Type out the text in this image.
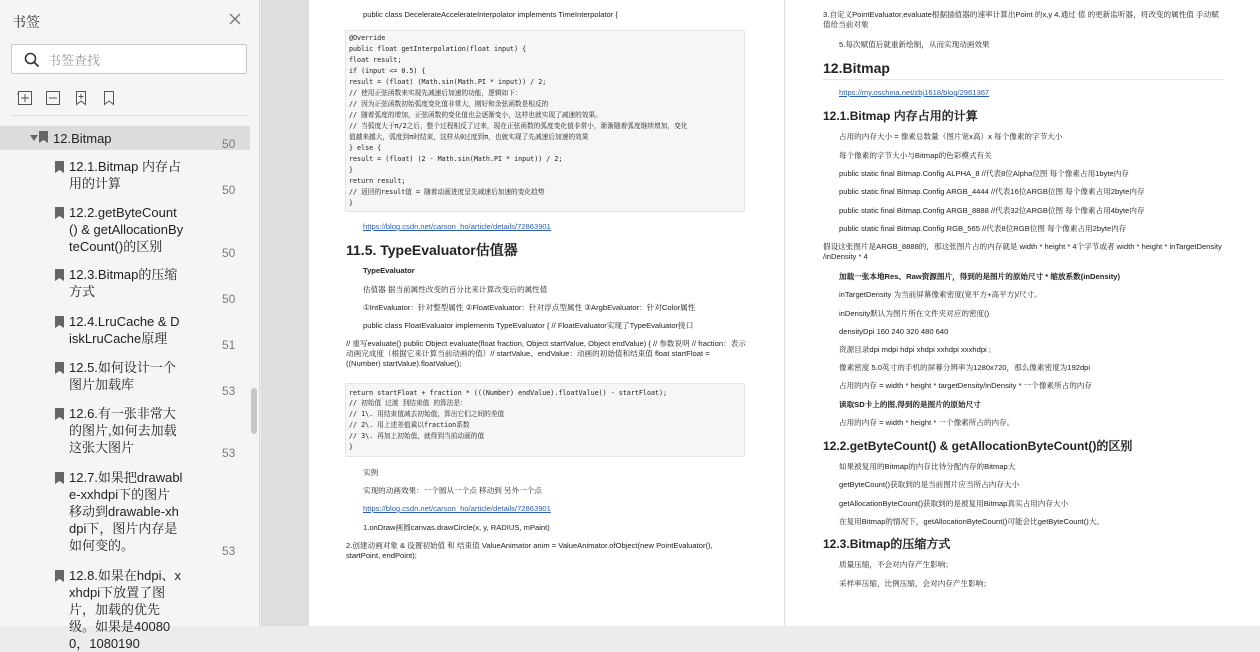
书签
书签查找
12.Bitmap	50
12.1.Bitmap 内存占用的计算	50
12.2.getByteCount() & getAllocationByteCount()的区别	50
12.3.Bitmap的压缩方式	50
12.4.LruCache & DiskLruCache原理	51
12.5.如何设计一个图片加载库	53
12.6.有一张非常大的图片,如何去加载这张大图片	53
12.7.如果把drawable-xxhdpi下的图片移动到drawable-xhdpi下，图片内存是如何变的。	53
12.8.如果在hdpi、xxhdpi下放置了图片，加载的优先级。如果是400800，1080190
public class DecelerateAccelerateInterpolator implements TimeInterpolator {
@Override
public float getInterpolation(float input) {
float result;
if (input <= 0.5) {
result = (float) (Math.sin(Math.PI * input)) / 2;
// 使用正弦函数来实现先减速后加速的功能，逻辑如下：
// 因为正弦函数初始弧度变化值非常大，刚好和余弦函数是相反的
// 随着弧度的增加，正弦函数的变化值也会逐渐变小，这样也就实现了减速的效果。
// 当弧度大于π/2之后，整个过程相反了过来，现在正弦函数的弧度变化值非常小，渐渐随着弧度继续增加，变化
值越来越大，弧度到π时结束，这样从0过度到π，也就实现了先减速后加速的效果
} else {
result = (float) (2 - Math.sin(Math.PI * input)) / 2;
}
return result;
// 返回的result值 = 随着动画进度呈先减速后加速的变化趋势
}
https://blog.csdn.net/carson_ho/article/details/72863901
11.5. TypeEvaluator估值器
TypeEvaluator
估值器 据当前属性改变的百分比来计算改变后的属性值
①IntEvaluator：针对整型属性 ②FloatEvaluator：针对浮点型属性 ③ArgbEvaluator：针对Color属性
public class FloatEvaluator implements TypeEvaluator { // FloatEvaluator实现了TypeEvaluator接口
// 重写evaluate() public Object evaluate(float fraction, Object startValue, Object endValue) { // 参数说明 // fraction：表示动画完成度（根据它来计算当前动画的值）// startValue、endValue：动画的初始值和结束值 float startFloat = ((Number) startValue).floatValue();
return startFloat + fraction * (((Number) endValue).floatValue() - startFloat);
// 初始值 过渡 到结束值 的算法是：
// 1\. 用结束值减去初始值，算出它们之间的差值
// 2\. 用上述差值乘以fraction系数
// 3\. 再加上初始值，就得到当前动画的值
}
实例
实现的动画效果：一个圆从一个点 移动到 另外一个点
https://blog.csdn.net/carson_ho/article/details/72863901
1.onDraw画圆canvas.drawCircle(x, y, RADIUS, mPaint)
2.创建动画对象 & 设置初始值 和 结束值 ValueAnimator anim = ValueAnimator.ofObject(new PointEvaluator(), startPoint, endPoint);
3.自定义PointEvaluator,evaluate根据插值器的速率计算出Point 的x,y 4.通过 值 的更新监听器，将改变的属性值 手动赋值给当前对象
5.每次赋值后就重新绘制，从而实现动画效果
12.Bitmap
https://my.oschina.net/zbj1618/blog/2961367
12.1.Bitmap 内存占用的计算
占用的内存大小 = 像素总数量（图片宽x高）x 每个像素的字节大小
每个像素的字节大小与Bitmap的色彩模式有关
public static final Bitmap.Config ALPHA_8 //代表8位Alpha位图 每个像素占用1byte内存
public static final Bitmap.Config ARGB_4444 //代表16位ARGB位图 每个像素占用2byte内存
public static final Bitmap.Config ARGB_8888 //代表32位ARGB位图 每个像素占用4byte内存
public static final Bitmap.Config RGB_565 //代表8位RGB位图 每个像素占用2byte内存
假设这张图片是ARGB_8888的，那这张图片占的内存就是 width * height * 4个字节或者 width * height * inTargetDensity /inDensity * 4
加载一张本地Res、Raw资源图片，得到的是图片的原始尺寸 * 缩放系数(inDensity)
inTargetDensity 为当前屏幕像素密度(宽平方+高平方)/尺寸。
inDensity默认为图片所在文件夹对应的密度()
densityDpi 160 240 320 480 640
资源目录dpi mdpi hdpi xhdpi xxhdpi xxxhdpi ;
像素密度 5.0英寸的手机的屏幕分辨率为1280x720，那么像素密度为192dpi
占用的内存 = width * height * targetDensity/inDensity * 一个像素所占的内存
读取SD卡上的图,得到的是图片的原始尺寸
占用的内存 = width * height * 一个像素所占的内存。
12.2.getByteCount() & getAllocationByteCount()的区别
如果被复用的Bitmap的内存比待分配内存的Bitmap大
getByteCount()获取到的是当前图片应当所占内存大小
getAllocationByteCount()获取到的是被复用Bitmap真实占用内存大小
在复用Bitmap的情况下，getAllocationByteCount()可能会比getByteCount()大。
12.3.Bitmap的压缩方式
质量压缩，不会对内存产生影响；
采样率压缩，比例压缩，会对内存产生影响；
